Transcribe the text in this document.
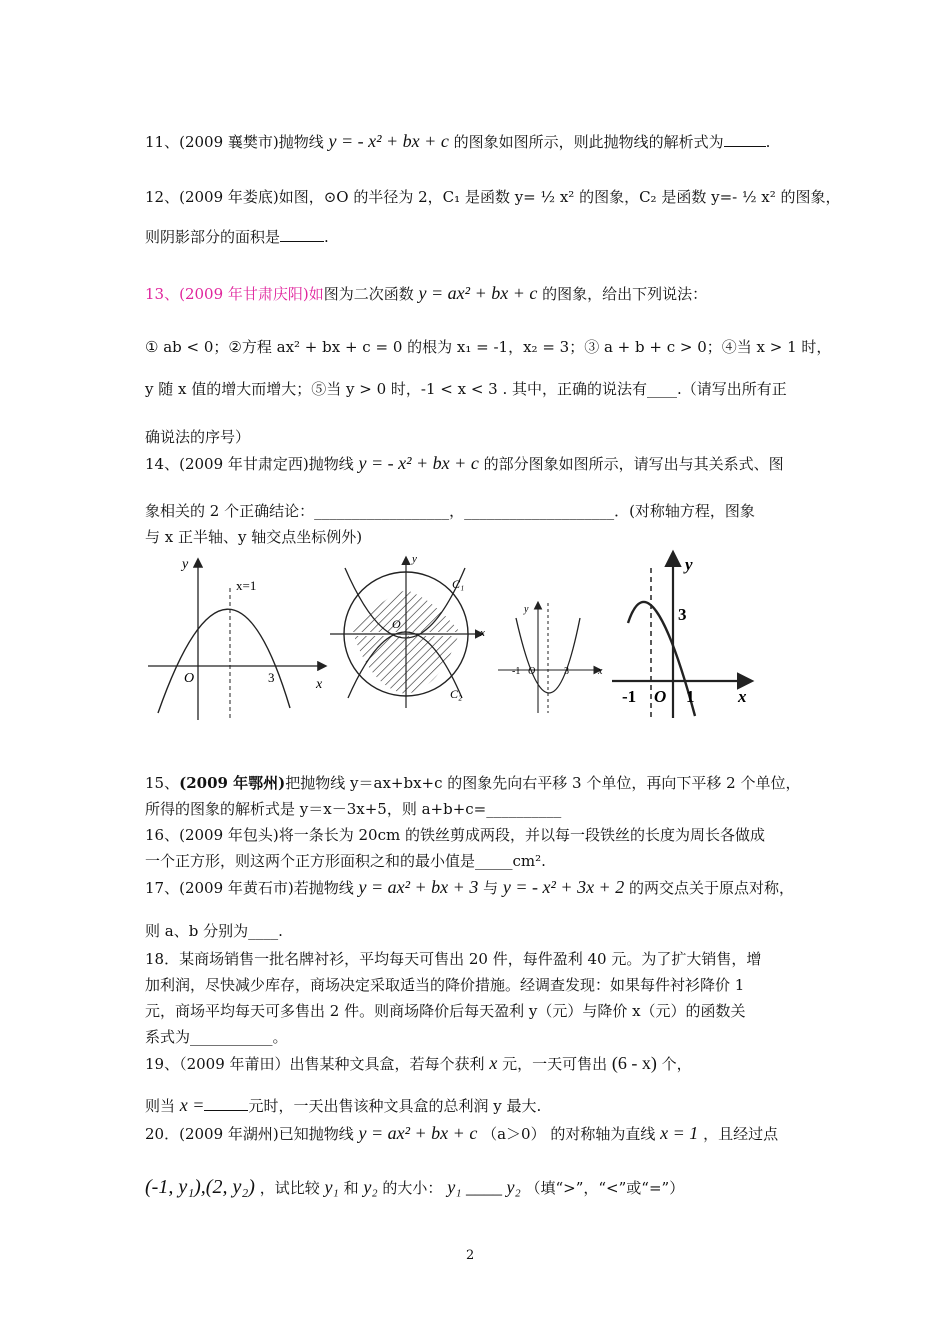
11、(2009 襄樊市)抛物线 y = - x² + bx + c 的图象如图所示，则此抛物线的解析式为	.
12、(2009 年娄底)如图，⊙O 的半径为 2，C₁ 是函数 y= ½ x² 的图象，C₂ 是函数 y=- ½ x² 的图象，
则阴影部分的面积是	.
13、(2009 年甘肃庆阳)如图为二次函数 y = ax² + bx + c 的图象，给出下列说法：
① ab < 0；②方程 ax² + bx + c = 0 的根为 x₁ = -1，x₂ = 3；③ a + b + c > 0；④当 x > 1 时，
y 随 x 值的增大而增大；⑤当 y > 0 时，-1 < x < 3 . 其中，正确的说法有____.（请写出所有正
确说法的序号）
14、(2009 年甘肃定西)抛物线 y = - x² + bx + c 的部分图象如图所示，请写出与其关系式、图
象相关的 2 个正确结论：__________________，____________________．(对称轴方程，图象
与 x 正半轴、y 轴交点坐标例外)
x=1
O	3	x
y	y
x
O
C₁
C₂
y
x
-1 O	3
y
x
-1 O 1
3
15、(2009 年鄂州)把抛物线 y＝ax+bx+c 的图象先向右平移 3 个单位，再向下平移 2 个单位，
所得的图象的解析式是 y＝x－3x+5，则 a+b+c=__________
16、(2009 年包头)将一条长为 20cm 的铁丝剪成两段，并以每一段铁丝的长度为周长各做成
一个正方形，则这两个正方形面积之和的最小值是_____cm².
17、(2009 年黄石市)若抛物线 y = ax² + bx + 3 与 y = - x² + 3x + 2 的两交点关于原点对称，
则 a、b 分别为____.
18．某商场销售一批名牌衬衫，平均每天可售出 20 件，每件盈利 40 元。为了扩大销售，增
加利润，尽快减少库存，商场决定采取适当的降价措施。经调查发现：如果每件衬衫降价 1
元，商场平均每天可多售出 2 件。则商场降价后每天盈利 y（元）与降价 x（元）的函数关
系式为___________。
19、（2009 年莆田）出售某种文具盒，若每个获利 x 元，一天可售出 (6 - x) 个，
则当 x =	元时，一天出售该种文具盒的总利润 y 最大.
20．(2009 年湖州)已知抛物线 y = ax² + bx + c （a＞0） 的对称轴为直线 x = 1 ，且经过点
(-1, y₁),(2, y₂) ，试比较 y₁ 和 y₂ 的大小： y₁ ____ y₂ （填“>”，“<”或“=”）
2
